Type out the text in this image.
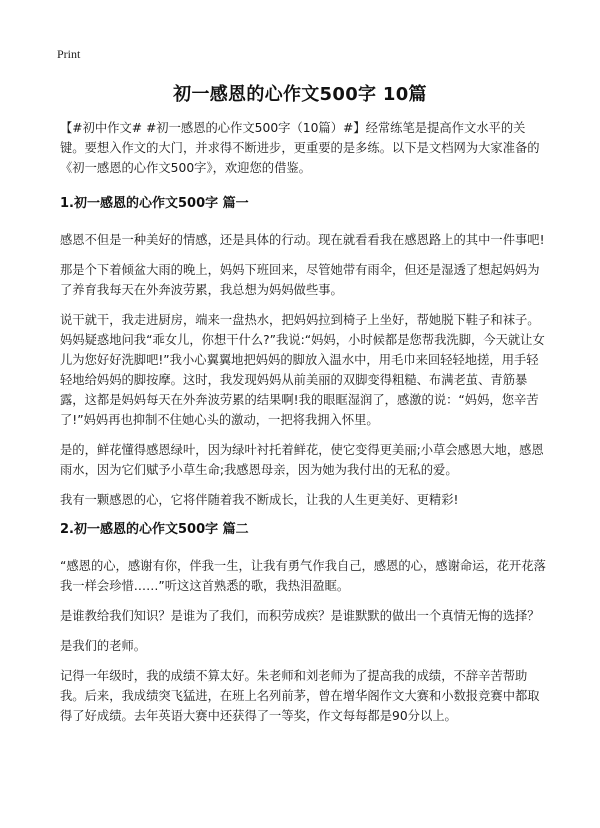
Print
初一感恩的心作文500字 10篇

【#初中作文# #初一感恩的心作文500字（10篇）#】经常练笔是提高作文水平的关键。要想入作文的大门，并求得不断进步，更重要的是多练。以下是文档网为大家准备的《初一感恩的心作文500字》，欢迎您的借鉴。

1.初一感恩的心作文500字 篇一

感恩不但是一种美好的情感，还是具体的行动。现在就看看我在感恩路上的其中一件事吧!

那是个下着倾盆大雨的晚上，妈妈下班回来，尽管她带有雨伞，但还是湿透了想起妈妈为了养育我每天在外奔波劳累，我总想为妈妈做些事。

说干就干，我走进厨房，端来一盘热水，把妈妈拉到椅子上坐好，帮她脱下鞋子和袜子。妈妈疑惑地问我“乖女儿，你想干什么?”我说:“妈妈，小时候都是您帮我洗脚，今天就让女儿为您好好洗脚吧!”我小心翼翼地把妈妈的脚放入温水中，用毛巾来回轻轻地搓，用手轻轻地给妈妈的脚按摩。这时，我发现妈妈从前美丽的双脚变得粗糙、布满老茧、青筋暴露，这都是妈妈每天在外奔波劳累的结果啊!我的眼眶湿润了，感激的说：“妈妈，您辛苦了!”妈妈再也抑制不住她心头的激动，一把将我拥入怀里。

是的，鲜花懂得感恩绿叶，因为绿叶衬托着鲜花，使它变得更美丽;小草会感恩大地，感恩雨水，因为它们赋予小草生命;我感恩母亲，因为她为我付出的无私的爱。

我有一颗感恩的心，它将伴随着我不断成长，让我的人生更美好、更精彩!

2.初一感恩的心作文500字 篇二

“感恩的心，感谢有你，伴我一生，让我有勇气作我自己，感恩的心，感谢命运，花开花落我一样会珍惜……”听这这首熟悉的歌，我热泪盈眶。

是谁教给我们知识？是谁为了我们，而积劳成疾？是谁默默的做出一个真情无悔的选择？

是我们的老师。

记得一年级时，我的成绩不算太好。朱老师和刘老师为了提高我的成绩，不辞辛苦帮助我。后来，我成绩突飞猛进，在班上名列前茅，曾在增华阁作文大赛和小数报竞赛中都取得了好成绩。去年英语大赛中还获得了一等奖，作文每每都是90分以上。
